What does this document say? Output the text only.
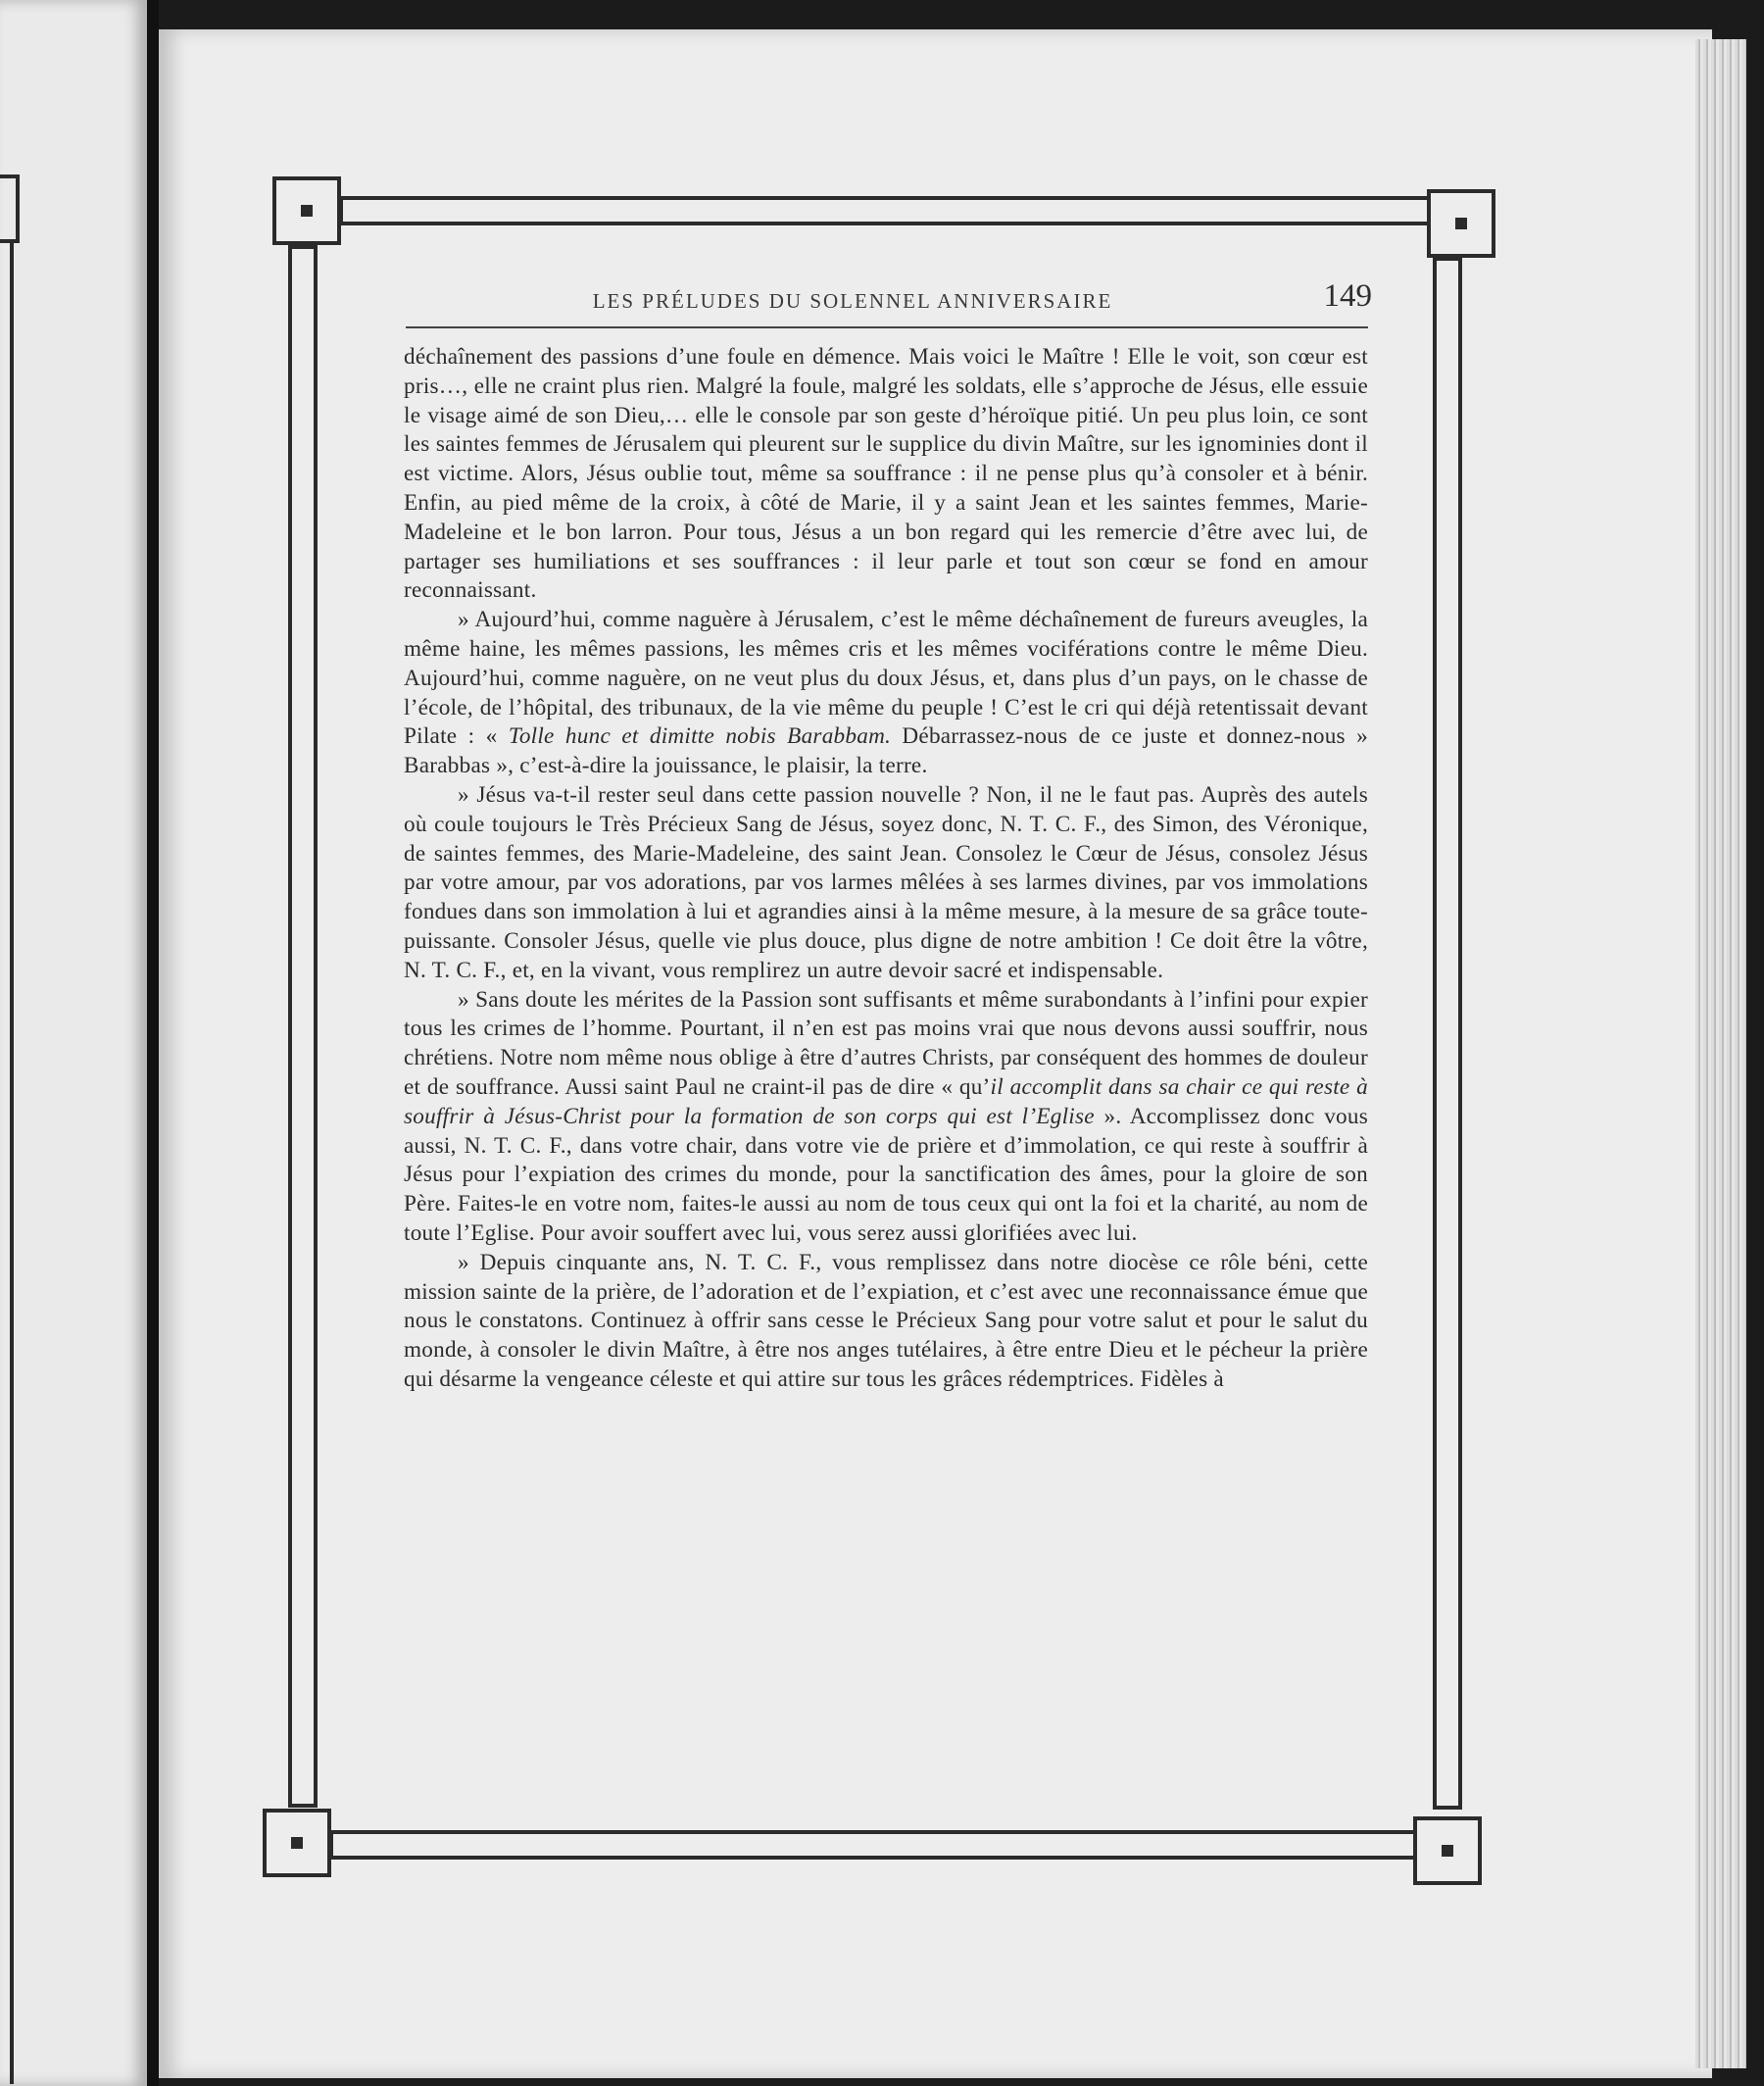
LES PRÉLUDES DU SOLENNEL ANNIVERSAIRE	149

déchaînement des passions d’une foule en démence. Mais voici le Maître ! Elle le voit, son cœur est pris…, elle ne craint plus rien. Malgré la foule, malgré les soldats, elle s’approche de Jésus, elle essuie le visage aimé de son Dieu,… elle le console par son geste d’héroïque pitié. Un peu plus loin, ce sont les saintes femmes de Jérusalem qui pleurent sur le supplice du divin Maître, sur les ignominies dont il est victime. Alors, Jésus oublie tout, même sa souffrance : il ne pense plus qu’à consoler et à bénir. Enfin, au pied même de la croix, à côté de Marie, il y a saint Jean et les saintes femmes, Marie-Madeleine et le bon larron. Pour tous, Jésus a un bon regard qui les remercie d’être avec lui, de partager ses humiliations et ses souffrances : il leur parle et tout son cœur se fond en amour reconnaissant.

» Aujourd’hui, comme naguère à Jérusalem, c’est le même déchaînement de fureurs aveugles, la même haine, les mêmes passions, les mêmes cris et les mêmes vociférations contre le même Dieu. Aujourd’hui, comme naguère, on ne veut plus du doux Jésus, et, dans plus d’un pays, on le chasse de l’école, de l’hôpital, des tribunaux, de la vie même du peuple ! C’est le cri qui déjà retentissait devant Pilate : « Tolle hunc et dimitte nobis Barabbam. Débarrassez-nous de ce juste et donnez-nous » Barabbas », c’est-à-dire la jouissance, le plaisir, la terre.

» Jésus va-t-il rester seul dans cette passion nouvelle ? Non, il ne le faut pas. Auprès des autels où coule toujours le Très Précieux Sang de Jésus, soyez donc, N. T. C. F., des Simon, des Véronique, de saintes femmes, des Marie-Madeleine, des saint Jean. Consolez le Cœur de Jésus, consolez Jésus par votre amour, par vos adorations, par vos larmes mêlées à ses larmes divines, par vos immolations fondues dans son immolation à lui et agrandies ainsi à la même mesure, à la mesure de sa grâce toute-puissante. Consoler Jésus, quelle vie plus douce, plus digne de notre ambition ! Ce doit être la vôtre, N. T. C. F., et, en la vivant, vous remplirez un autre devoir sacré et indispensable.

» Sans doute les mérites de la Passion sont suffisants et même surabondants à l’infini pour expier tous les crimes de l’homme. Pourtant, il n’en est pas moins vrai que nous devons aussi souffrir, nous chrétiens. Notre nom même nous oblige à être d’autres Christs, par conséquent des hommes de douleur et de souffrance. Aussi saint Paul ne craint-il pas de dire « qu’il accomplit dans sa chair ce qui reste à souffrir à Jésus-Christ pour la formation de son corps qui est l’Eglise ». Accomplissez donc vous aussi, N. T. C. F., dans votre chair, dans votre vie de prière et d’immolation, ce qui reste à souffrir à Jésus pour l’expiation des crimes du monde, pour la sanctification des âmes, pour la gloire de son Père. Faites-le en votre nom, faites-le aussi au nom de tous ceux qui ont la foi et la charité, au nom de toute l’Eglise. Pour avoir souffert avec lui, vous serez aussi glorifiées avec lui.

» Depuis cinquante ans, N. T. C. F., vous remplissez dans notre diocèse ce rôle béni, cette mission sainte de la prière, de l’adoration et de l’expiation, et c’est avec une reconnaissance émue que nous le constatons. Continuez à offrir sans cesse le Précieux Sang pour votre salut et pour le salut du monde, à consoler le divin Maître, à être nos anges tutélaires, à être entre Dieu et le pécheur la prière qui désarme la vengeance céleste et qui attire sur tous les grâces rédemptrices. Fidèles à
